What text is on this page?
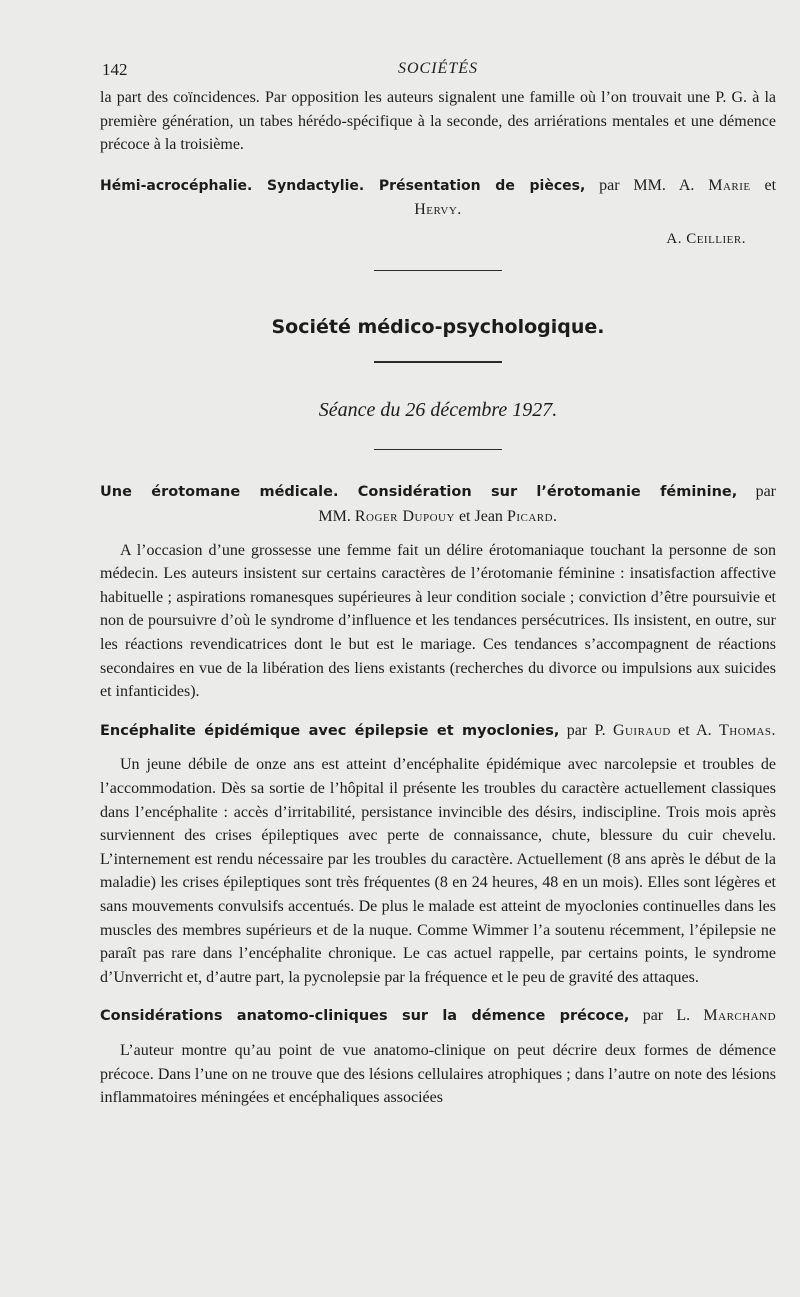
142	SOCIÉTÉS

la part des coïncidences. Par opposition les auteurs signalent une famille où l’on trouvait une P. G. à la première génération, un tabes hérédo-spécifique à la seconde, des arriérations mentales et une démence précoce à la troisième.

Hémi-acrocéphalie. Syndactylie. Présentation de pièces, par MM. A. Marie et
Hervy.
A. Ceillier.
Société médico-psychologique.
Séance du 26 décembre 1927.
Une érotomane médicale. Considération sur l’érotomanie féminine, par
MM. Roger Dupouy et Jean Picard.

A l’occasion d’une grossesse une femme fait un délire érotomaniaque touchant la personne de son médecin. Les auteurs insistent sur certains caractères de l’érotomanie féminine : insatisfaction affective habituelle ; aspirations romanesques supérieures à leur condition sociale ; conviction d’être poursuivie et non de poursuivre d’où le syndrome d’influence et les tendances persécutrices. Ils insistent, en outre, sur les réactions revendicatrices dont le but est le mariage. Ces tendances s’accompagnent de réactions secondaires en vue de la libération des liens existants (recherches du divorce ou impulsions aux suicides et infanticides).

Encéphalite épidémique avec épilepsie et myoclonies, par P. Guiraud et A. Thomas.

Un jeune débile de onze ans est atteint d’encéphalite épidémique avec narcolepsie et troubles de l’accommodation. Dès sa sortie de l’hôpital il présente les troubles du caractère actuellement classiques dans l’encéphalite : accès d’irritabilité, persistance invincible des désirs, indiscipline. Trois mois après surviennent des crises épileptiques avec perte de connaissance, chute, blessure du cuir chevelu. L’internement est rendu nécessaire par les troubles du caractère. Actuellement (8 ans après le début de la maladie) les crises épileptiques sont très fréquentes (8 en 24 heures, 48 en un mois). Elles sont légères et sans mouvements convulsifs accentués. De plus le malade est atteint de myoclonies continuelles dans les muscles des membres supérieurs et de la nuque. Comme Wimmer l’a soutenu récemment, l’épilepsie ne paraît pas rare dans l’encéphalite chronique. Le cas actuel rappelle, par certains points, le syndrome d’Unverricht et, d’autre part, la pycnolepsie par la fréquence et le peu de gravité des attaques.

Considérations anatomo-cliniques sur la démence précoce, par L. Marchand

L’auteur montre qu’au point de vue anatomo-clinique on peut décrire deux formes de démence précoce. Dans l’une on ne trouve que des lésions cellulaires atrophiques ; dans l’autre on note des lésions inflammatoires méningées et encéphaliques associées
